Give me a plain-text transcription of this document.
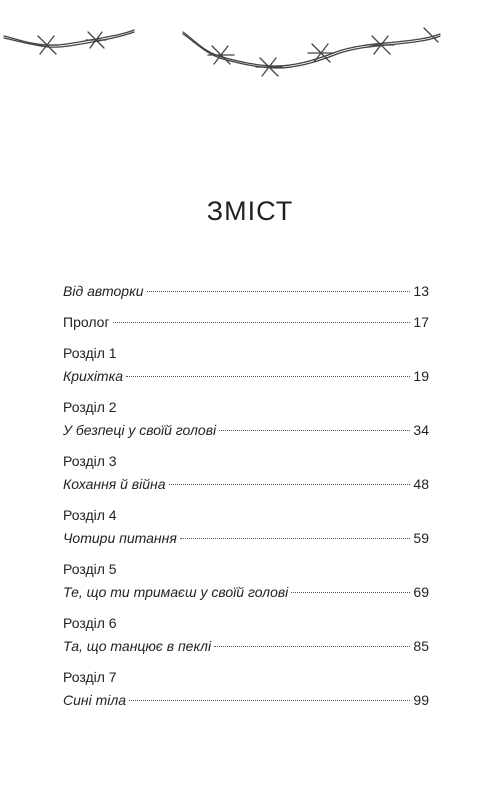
ЗМІСТ
Від авторки	13
Пролог	17
Розділ 1
Крихітка	19
Розділ 2
У безпеці у своїй голові	34
Розділ 3
Кохання й війна	48
Розділ 4
Чотири питання	59
Розділ 5
Те, що ти тримаєш у своїй голові	69
Розділ 6
Та, що танцює в пеклі	85
Розділ 7
Сині тіла	99
